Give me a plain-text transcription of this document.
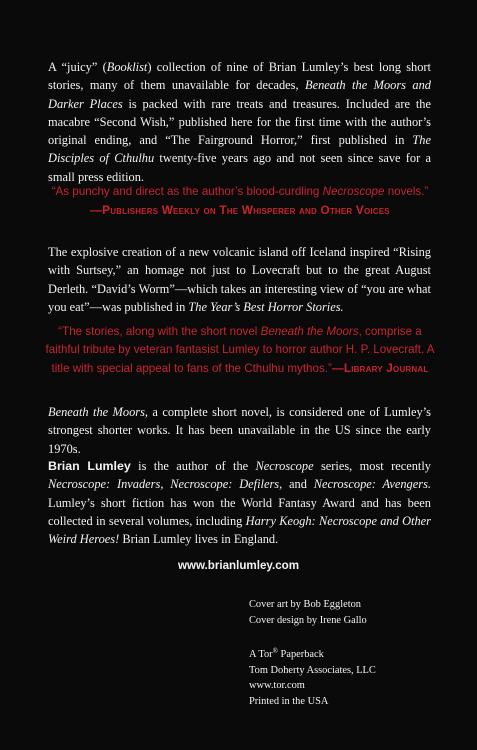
A “juicy” (Booklist) collection of nine of Brian Lumley’s best long short stories, many of them unavailable for decades, Beneath the Moors and Darker Places is packed with rare treats and treasures. Included are the macabre “Second Wish,” published here for the first time with the author’s original ending, and “The Fairground Horror,” first published in The Disciples of Cthulhu twenty-five years ago and not seen since save for a small press edition.

“As punchy and direct as the author’s blood-curdling Necroscope novels.”
—Publishers Weekly on The Whisperer and Other Voices

The explosive creation of a new volcanic island off Iceland inspired “Rising with Surtsey,” an homage not just to Lovecraft but to the great August Derleth. “David’s Worm”—which takes an interesting view of “you are what you eat”—was published in The Year’s Best Horror Stories.

“The stories, along with the short novel Beneath the Moors, comprise a faithful tribute by veteran fantasist Lumley to horror author H. P. Lovecraft. A title with special appeal to fans of the Cthulhu mythos.”—Library Journal

Beneath the Moors, a complete short novel, is considered one of Lumley’s strongest shorter works. It has been unavailable in the US since the early 1970s.

Brian Lumley is the author of the Necroscope series, most recently Necroscope: Invaders, Necroscope: Defilers, and Necroscope: Avengers. Lumley’s short fiction has won the World Fantasy Award and has been collected in several volumes, including Harry Keogh: Necroscope and Other Weird Heroes! Brian Lumley lives in England.

www.brianlumley.com

Cover art by Bob Eggleton
Cover design by Irene Gallo

A Tor® Paperback
Tom Doherty Associates, LLC
www.tor.com
Printed in the USA
